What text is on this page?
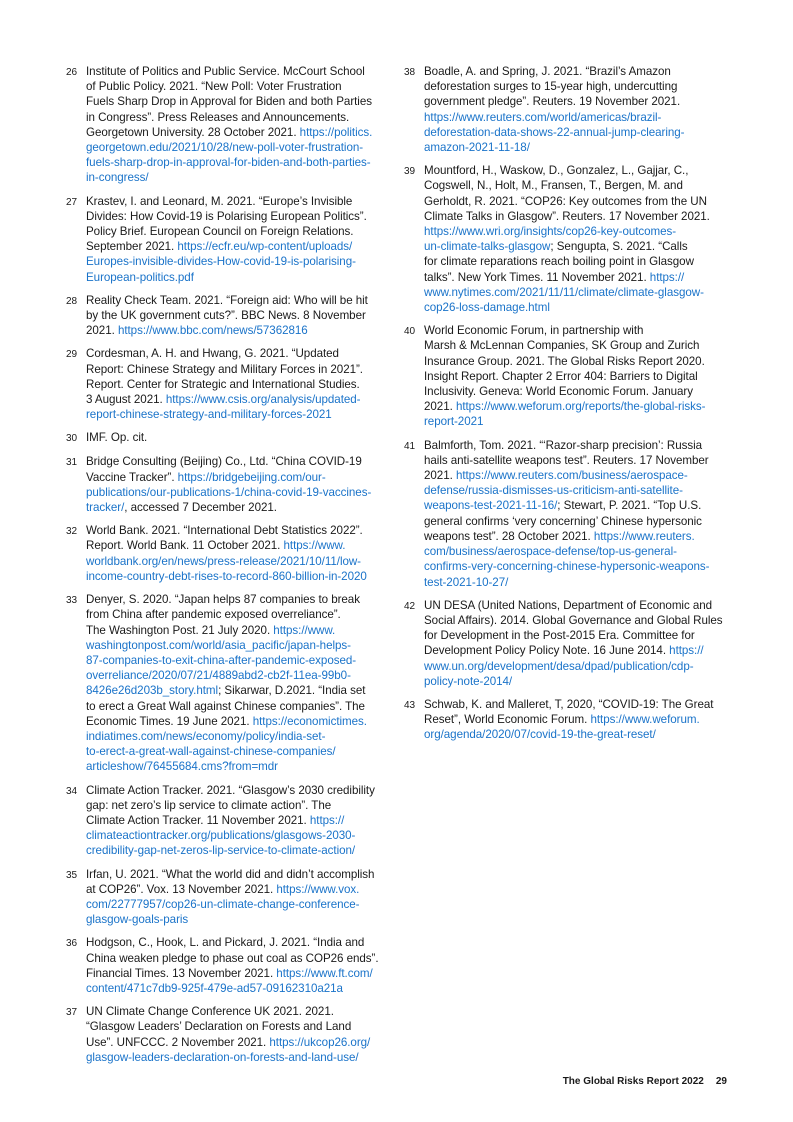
26 Institute of Politics and Public Service. McCourt School
of Public Policy. 2021. “New Poll: Voter Frustration
Fuels Sharp Drop in Approval for Biden and both Parties
in Congress”. Press Releases and Announcements.
Georgetown University. 28 October 2021. https://politics.
georgetown.edu/2021/10/28/new-poll-voter-frustration-
fuels-sharp-drop-in-approval-for-biden-and-both-parties-
in-congress/
27 Krastev, I. and Leonard, M. 2021. “Europe’s Invisible
Divides: How Covid-19 is Polarising European Politics”.
Policy Brief. European Council on Foreign Relations.
September 2021. https://ecfr.eu/wp-content/uploads/
Europes-invisible-divides-How-covid-19-is-polarising-
European-politics.pdf
28 Reality Check Team. 2021. “Foreign aid: Who will be hit
by the UK government cuts?”. BBC News. 8 November
2021. https://www.bbc.com/news/57362816
29 Cordesman, A. H. and Hwang, G. 2021. “Updated
Report: Chinese Strategy and Military Forces in 2021”.
Report. Center for Strategic and International Studies.
3 August 2021. https://www.csis.org/analysis/updated-
report-chinese-strategy-and-military-forces-2021
30 IMF. Op. cit.
31 Bridge Consulting (Beijing) Co., Ltd. “China COVID-19
Vaccine Tracker”. https://bridgebeijing.com/our-
publications/our-publications-1/china-covid-19-vaccines-
tracker/, accessed 7 December 2021.
32 World Bank. 2021. “International Debt Statistics 2022”.
Report. World Bank. 11 October 2021. https://www.
worldbank.org/en/news/press-release/2021/10/11/low-
income-country-debt-rises-to-record-860-billion-in-2020
33 Denyer, S. 2020. “Japan helps 87 companies to break
from China after pandemic exposed overreliance”.
The Washington Post. 21 July 2020. https://www.
washingtonpost.com/world/asia_pacific/japan-helps-
87-companies-to-exit-china-after-pandemic-exposed-
overreliance/2020/07/21/4889abd2-cb2f-11ea-99b0-
8426e26d203b_story.html; Sikarwar, D.2021. “India set
to erect a Great Wall against Chinese companies”. The
Economic Times. 19 June 2021. https://economictimes.
indiatimes.com/news/economy/policy/india-set-
to-erect-a-great-wall-against-chinese-companies/
articleshow/76455684.cms?from=mdr
34 Climate Action Tracker. 2021. “Glasgow’s 2030 credibility
gap: net zero’s lip service to climate action”. The
Climate Action Tracker. 11 November 2021. https://
climateactiontracker.org/publications/glasgows-2030-
credibility-gap-net-zeros-lip-service-to-climate-action/
35 Irfan, U. 2021. “What the world did and didn’t accomplish
at COP26”. Vox. 13 November 2021. https://www.vox.
com/22777957/cop26-un-climate-change-conference-
glasgow-goals-paris
36 Hodgson, C., Hook, L. and Pickard, J. 2021. “India and
China weaken pledge to phase out coal as COP26 ends”.
Financial Times. 13 November 2021. https://www.ft.com/
content/471c7db9-925f-479e-ad57-09162310a21a
37 UN Climate Change Conference UK 2021. 2021.
“Glasgow Leaders’ Declaration on Forests and Land
Use”. UNFCCC. 2 November 2021. https://ukcop26.org/
glasgow-leaders-declaration-on-forests-and-land-use/
38 Boadle, A. and Spring, J. 2021. “Brazil’s Amazon
deforestation surges to 15-year high, undercutting
government pledge”. Reuters. 19 November 2021.
https://www.reuters.com/world/americas/brazil-
deforestation-data-shows-22-annual-jump-clearing-
amazon-2021-11-18/
39 Mountford, H., Waskow, D., Gonzalez, L., Gajjar, C.,
Cogswell, N., Holt, M., Fransen, T., Bergen, M. and
Gerholdt, R. 2021. “COP26: Key outcomes from the UN
Climate Talks in Glasgow”. Reuters. 17 November 2021.
https://www.wri.org/insights/cop26-key-outcomes-
un-climate-talks-glasgow; Sengupta, S. 2021. “Calls
for climate reparations reach boiling point in Glasgow
talks”. New York Times. 11 November 2021. https://
www.nytimes.com/2021/11/11/climate/climate-glasgow-
cop26-loss-damage.html
40 World Economic Forum, in partnership with
Marsh & McLennan Companies, SK Group and Zurich
Insurance Group. 2021. The Global Risks Report 2020.
Insight Report. Chapter 2 Error 404: Barriers to Digital
Inclusivity. Geneva: World Economic Forum. January
2021. https://www.weforum.org/reports/the-global-risks-
report-2021
41 Balmforth, Tom. 2021. “‘Razor-sharp precision’: Russia
hails anti-satellite weapons test”. Reuters. 17 November
2021. https://www.reuters.com/business/aerospace-
defense/russia-dismisses-us-criticism-anti-satellite-
weapons-test-2021-11-16/; Stewart, P. 2021. “Top U.S.
general confirms ‘very concerning’ Chinese hypersonic
weapons test”. 28 October 2021. https://www.reuters.
com/business/aerospace-defense/top-us-general-
confirms-very-concerning-chinese-hypersonic-weapons-
test-2021-10-27/
42 UN DESA (United Nations, Department of Economic and
Social Affairs). 2014. Global Governance and Global Rules
for Development in the Post-2015 Era. Committee for
Development Policy Policy Note. 16 June 2014. https://
www.un.org/development/desa/dpad/publication/cdp-
policy-note-2014/
43 Schwab, K. and Malleret, T, 2020, “COVID-19: The Great
Reset”, World Economic Forum. https://www.weforum.
org/agenda/2020/07/covid-19-the-great-reset/
The Global Risks Report 2022 29
